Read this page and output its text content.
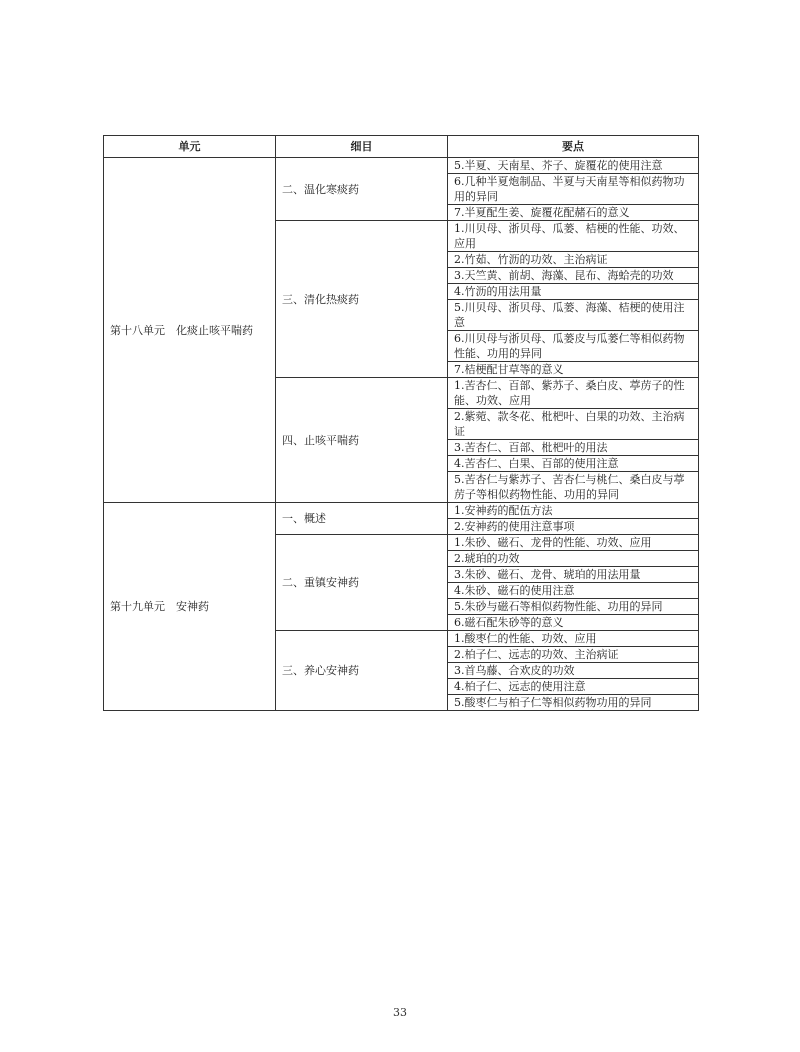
单元	细目	要点
第十八单元　化痰止咳平喘药	二、温化寒痰药	5.半夏、天南星、芥子、旋覆花的使用注意
		6.几种半夏炮制品、半夏与天南星等相似药物功用的异同
		7.半夏配生姜、旋覆花配赭石的意义
	三、清化热痰药	1.川贝母、浙贝母、瓜蒌、桔梗的性能、功效、应用
		2.竹茹、竹沥的功效、主治病证
		3.天竺黄、前胡、海藻、昆布、海蛤壳的功效
		4.竹沥的用法用量
		5.川贝母、浙贝母、瓜蒌、海藻、桔梗的使用注意
		6.川贝母与浙贝母、瓜蒌皮与瓜蒌仁等相似药物性能、功用的异同
		7.桔梗配甘草等的意义
	四、止咳平喘药	1.苦杏仁、百部、紫苏子、桑白皮、葶苈子的性能、功效、应用
		2.紫菀、款冬花、枇杷叶、白果的功效、主治病证
		3.苦杏仁、百部、枇杷叶的用法
		4.苦杏仁、白果、百部的使用注意
		5.苦杏仁与紫苏子、苦杏仁与桃仁、桑白皮与葶苈子等相似药物性能、功用的异同
第十九单元　安神药	一、概述	1.安神药的配伍方法
		2.安神药的使用注意事项
	二、重镇安神药	1.朱砂、磁石、龙骨的性能、功效、应用
		2.琥珀的功效
		3.朱砂、磁石、龙骨、琥珀的用法用量
		4.朱砂、磁石的使用注意
		5.朱砂与磁石等相似药物性能、功用的异同
		6.磁石配朱砂等的意义
	三、养心安神药	1.酸枣仁的性能、功效、应用
		2.柏子仁、远志的功效、主治病证
		3.首乌藤、合欢皮的功效
		4.柏子仁、远志的使用注意
		5.酸枣仁与柏子仁等相似药物功用的异同
33
